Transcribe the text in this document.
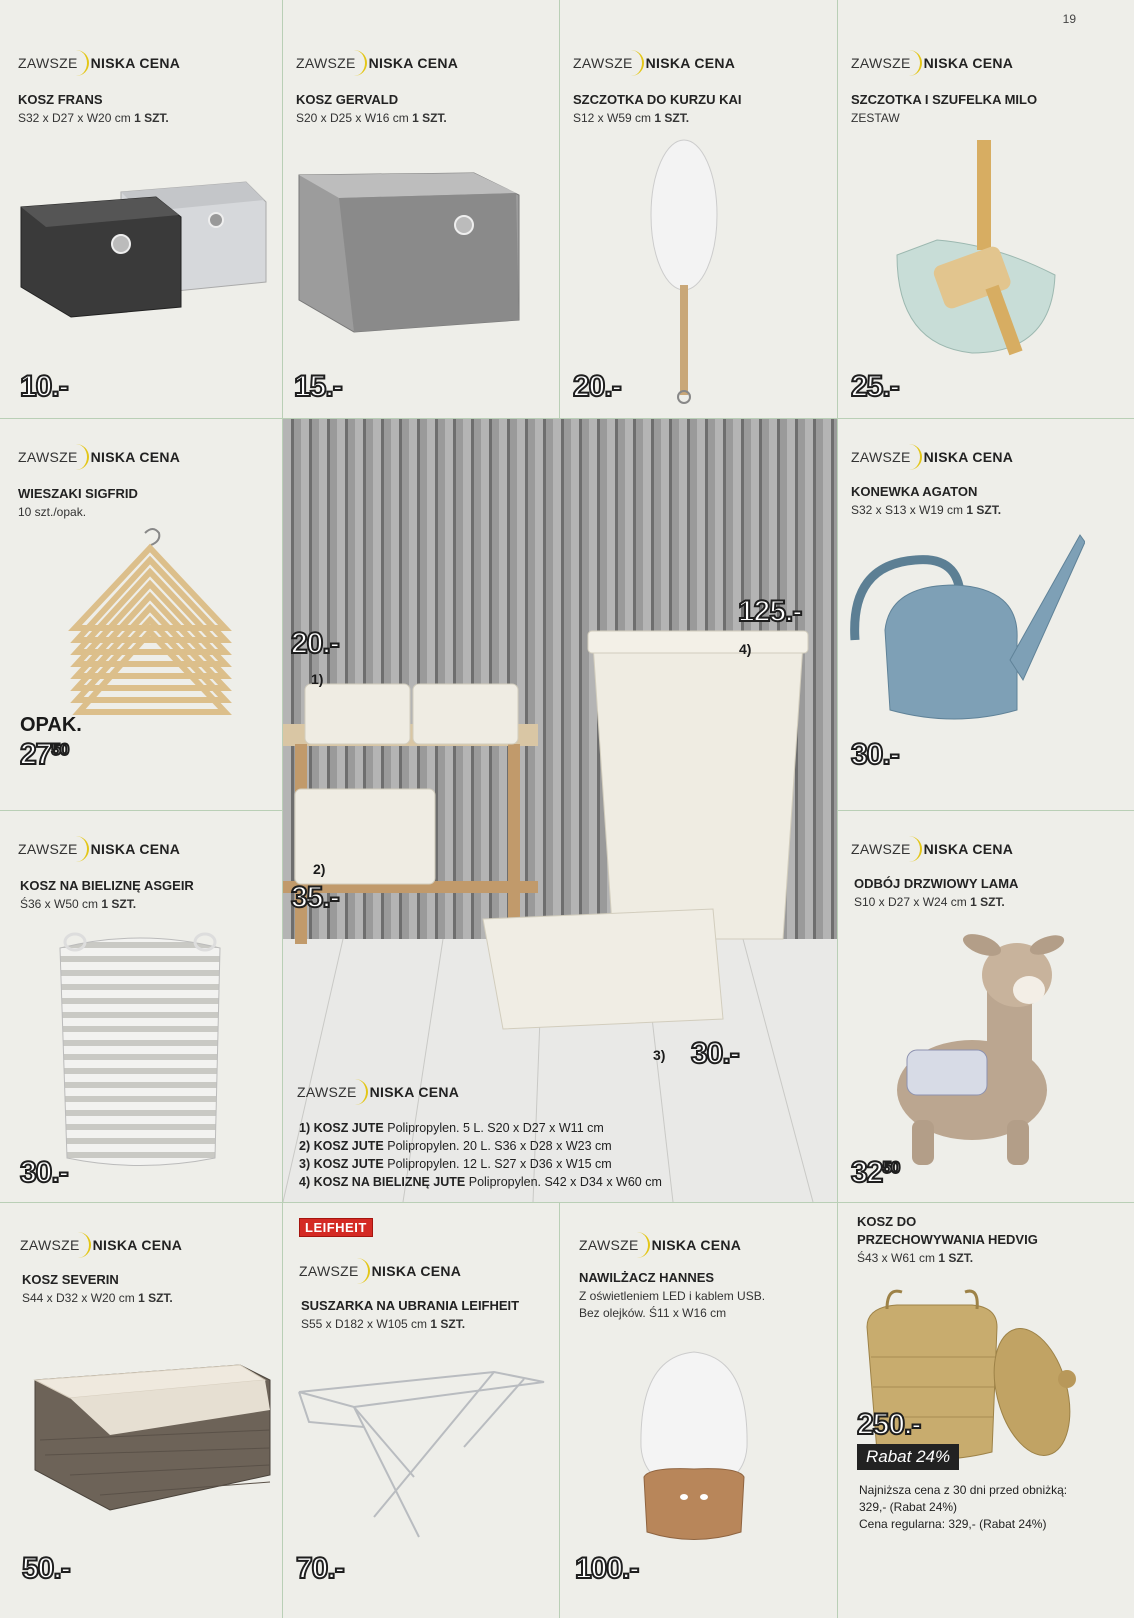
19
ZAWSZE NISKA CENA
KOSZ FRANS
S32 x D27 x W20 cm 1 SZT.
10.-
ZAWSZE NISKA CENA
KOSZ GERVALD
S20 x D25 x W16 cm 1 SZT.
15.-
ZAWSZE NISKA CENA
SZCZOTKA DO KURZU KAI
S12 x W59 cm 1 SZT.
20.-
ZAWSZE NISKA CENA
SZCZOTKA I SZUFELKA MILO
ZESTAW
25.-
ZAWSZE NISKA CENA
WIESZAKI SIGFRID
10 szt./opak.
OPAK.
$27^{50}$
20.-
1)
2)
35.-
125.-
4)
3) 30.-
ZAWSZE NISKA CENA
1) KOSZ JUTE Polipropylen. 5 L. S20 x D27 x W11 cm
2) KOSZ JUTE Polipropylen. 20 L. S36 x D28 x W23 cm
3) KOSZ JUTE Polipropylen. 12 L. S27 x D36 x W15 cm
4) KOSZ NA BIELIZNĘ JUTE Polipropylen. S42 x D34 x W60 cm
ZAWSZE NISKA CENA
KONEWKA AGATON
S32 x S13 x W19 cm 1 SZT.
30.-
ZAWSZE NISKA CENA
KOSZ NA BIELIZNĘ ASGEIR
Ś36 x W50 cm 1 SZT.
30.-
ZAWSZE NISKA CENA
ODBÓJ DRZWIOWY LAMA
S10 x D27 x W24 cm 1 SZT.
$32^{50}$
ZAWSZE NISKA CENA
KOSZ SEVERIN
S44 x D32 x W20 cm 1 SZT.
50.-
LEIFHEIT
ZAWSZE NISKA CENA
SUSZARKA NA UBRANIA LEIFHEIT
S55 x D182 x W105 cm 1 SZT.
70.-
ZAWSZE NISKA CENA
NAWILŻACZ HANNES
Z oświetleniem LED i kablem USB.
Bez olejków. Ś11 x W16 cm
100.-
KOSZ DO
PRZECHOWYWANIA HEDVIG
Ś43 x W61 cm 1 SZT.
250.-
Rabat 24%
Najniższa cena z 30 dni przed obniżką:
329,- (Rabat 24%)
Cena regularna: 329,- (Rabat 24%)
